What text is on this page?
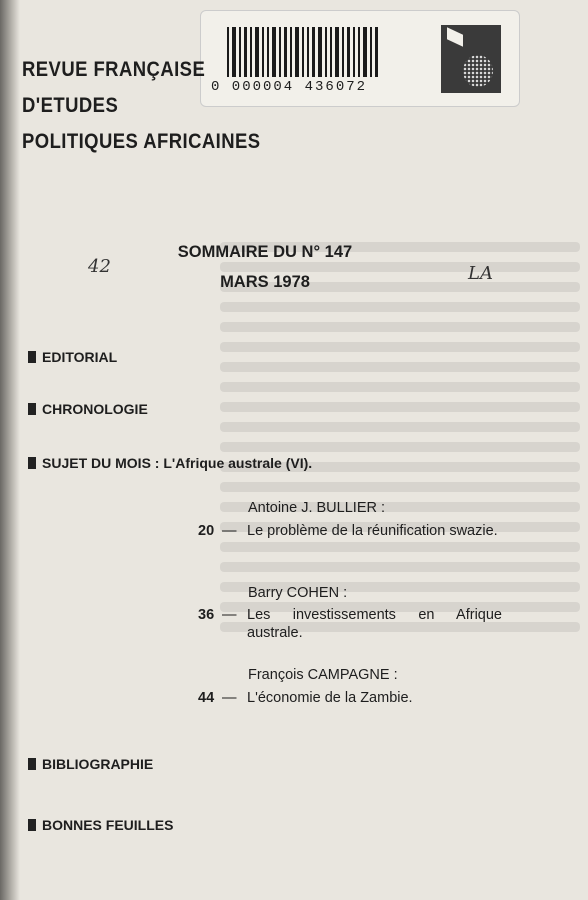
0 000004 436072
REVUE FRANÇAISE
D'ETUDES
POLITIQUES AFRICAINES
SOMMAIRE DU N° 147
MARS 1978
42	LA
EDITORIAL
CHRONOLOGIE
SUJET DU MOIS : L'Afrique australe (VI).
Antoine J. BULLIER :
20 — Le problème de la réunification swazie.
Barry COHEN :
36 — Les investissements en Afrique australe.
François CAMPAGNE :
44 — L'économie de la Zambie.
BIBLIOGRAPHIE
BONNES FEUILLES
